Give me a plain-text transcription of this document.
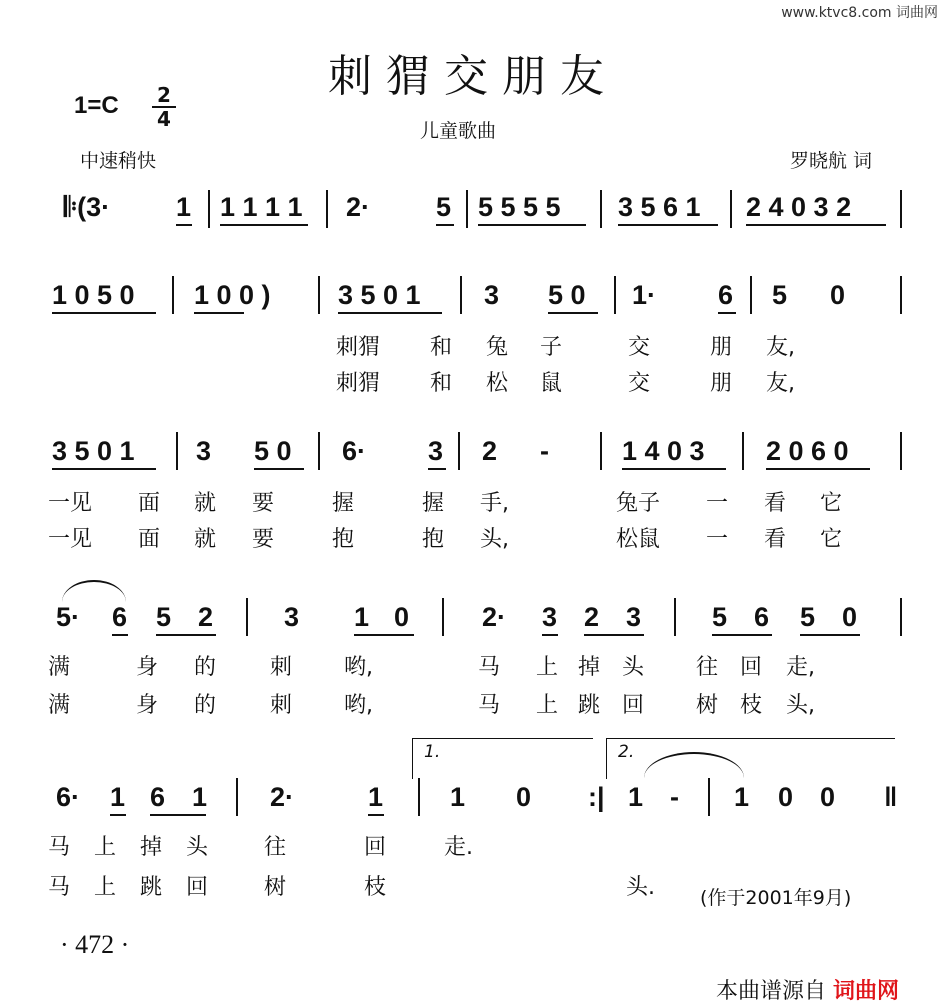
www.ktvc8.com 词曲网
刺猬交朋友
1=C 2
4	儿童歌曲
中速稍快	罗晓航 词
𝄆(3· 1 1 1 1 1 2· 5 5 5 5 5 3 5 6 1 2 4 0 3 2
1 0 5 0 1 0 0 ) 3 5 0 1 3 5 0 1· 6 5 0
刺猬 和 兔 子	交	朋 友,
刺猬 和 松 鼠	交	朋 友,
3 5 0 1 3 5 0 6· 3 2 -	1 4 0 3 2 0 6 0
一见 面 就 要	握	握 手,	兔子 一 看 它
一见 面 就 要	抱	抱 头,	松鼠 一 看 它
5· 6 5 2	3 1 0	2· 3 2 3	5 6 5 0
满	身 的 刺 哟,	马 上 掉 头 往 回 走,
满	身 的 刺 哟,	马 上 跳 回 树 枝 头,
1.	2.
6· 1 6 1 2·	1 1 0 :| 1 - 1 0 0 ‖
马 上 掉 头	往	回	走.
马 上 跳 回	树	枝	头. (作于2001年9月)
· 472 ·
本曲谱源自 词曲网
